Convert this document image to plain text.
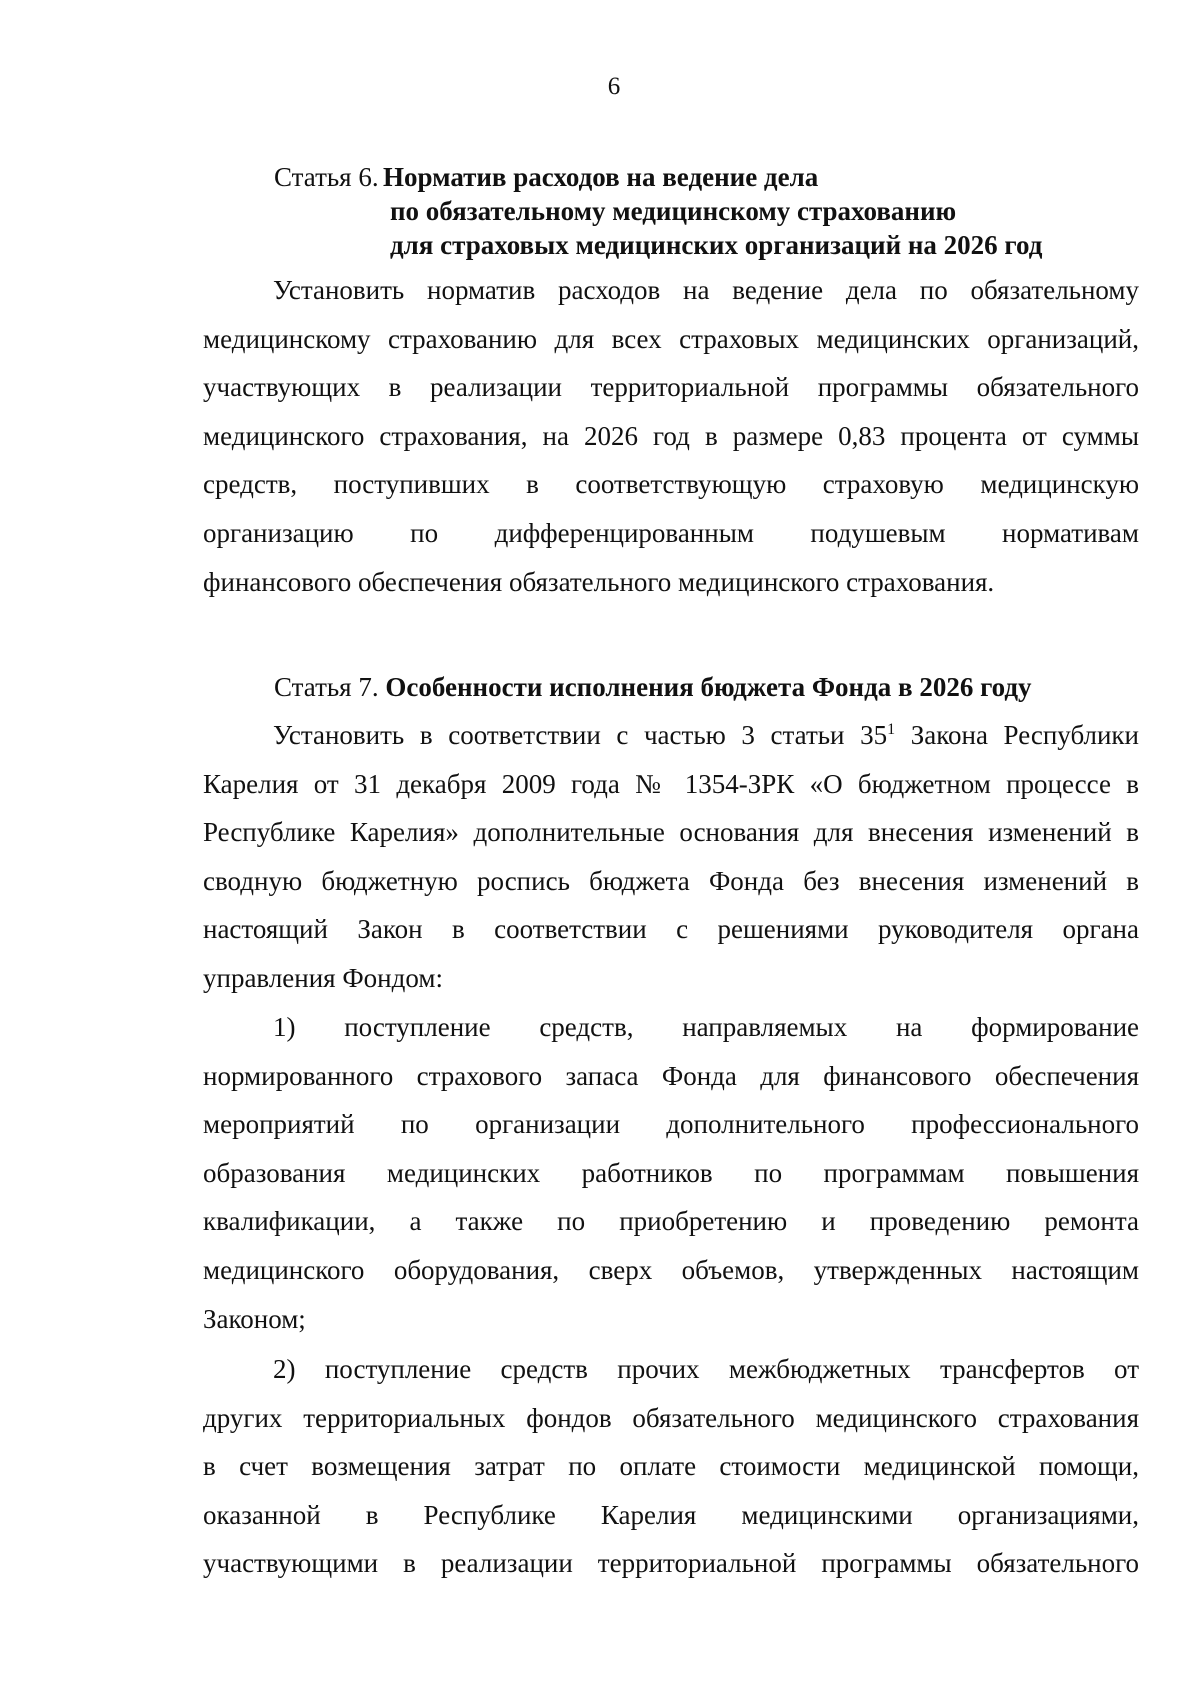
6
Статья 6. Норматив расходов на ведение дела
по обязательному медицинскому страхованию
для страховых медицинских организаций на 2026 год

Установить норматив расходов на ведение дела по обязательному
медицинскому страхованию для всех страховых медицинских организаций,
участвующих в реализации территориальной программы обязательного
медицинского страхования, на 2026 год в размере 0,83 процента от суммы
средств, поступивших в соответствующую страховую медицинскую
организацию по дифференцированным подушевым нормативам
финансового обеспечения обязательного медицинского страхования.

Статья 7. Особенности исполнения бюджета Фонда в 2026 году

Установить в соответствии с частью 3 статьи $35^1$ Закона Республики
Карелия от 31 декабря 2009 года № 1354-ЗРК «О бюджетном процессе в
Республике Карелия» дополнительные основания для внесения изменений в
сводную бюджетную роспись бюджета Фонда без внесения изменений в
настоящий Закон в соответствии с решениями руководителя органа
управления Фондом:

1) поступление средств, направляемых на формирование
нормированного страхового запаса Фонда для финансового обеспечения
мероприятий по организации дополнительного профессионального
образования медицинских работников по программам повышения
квалификации, а также по приобретению и проведению ремонта
медицинского оборудования, сверх объемов, утвержденных настоящим
Законом;

2) поступление средств прочих межбюджетных трансфертов от
других территориальных фондов обязательного медицинского страхования
в счет возмещения затрат по оплате стоимости медицинской помощи,
оказанной в Республике Карелия медицинскими организациями,
участвующими в реализации территориальной программы обязательного
